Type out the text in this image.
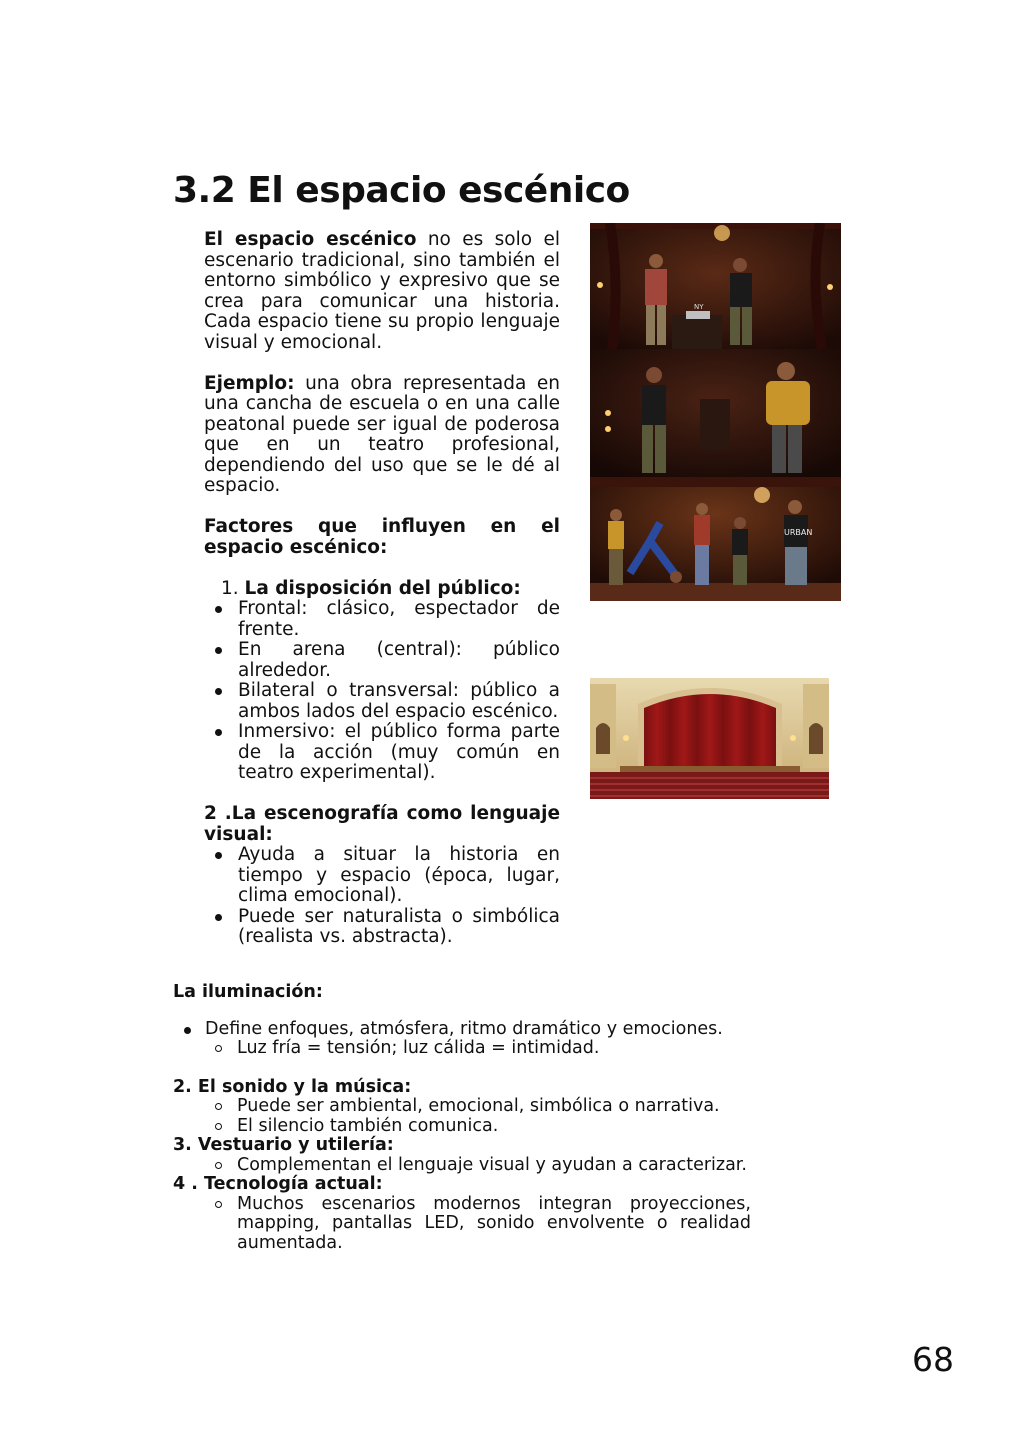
3.2 El espacio escénico

El espacio escénico no es solo el escenario tradicional, sino también el entorno simbólico y expresivo que se crea para comunicar una historia. Cada espacio tiene su propio lenguaje visual y emocional.

Ejemplo: una obra representada en una cancha de escuela o en una calle peatonal puede ser igual de poderosa que en un teatro profesional, dependiendo del uso que se le dé al espacio.

Factores que influyen en el espacio escénico:

1. La disposición del público:

Frontal: clásico, espectador de frente.
En arena (central): público alrededor.
Bilateral o transversal: público a ambos lados del espacio escénico.
Inmersivo: el público forma parte de la acción (muy común en teatro experimental).

2 .La escenografía como lenguaje visual:

Ayuda a situar la historia en tiempo y espacio (época, lugar, clima emocional).
Puede ser naturalista o simbólica (realista vs. abstracta).

La iluminación:

Define enfoques, atmósfera, ritmo dramático y emociones.
Luz fría = tensión; luz cálida = intimidad.

2. El sonido y la música:

Puede ser ambiental, emocional, simbólica o narrativa.
El silencio también comunica.

3. Vestuario y utilería:

Complementan el lenguaje visual y ayudan a caracterizar.

4 . Tecnología actual:

Muchos escenarios modernos integran proyecciones, mapping, pantallas LED, sonido envolvente o realidad aumentada.
NY
URBAN
68
